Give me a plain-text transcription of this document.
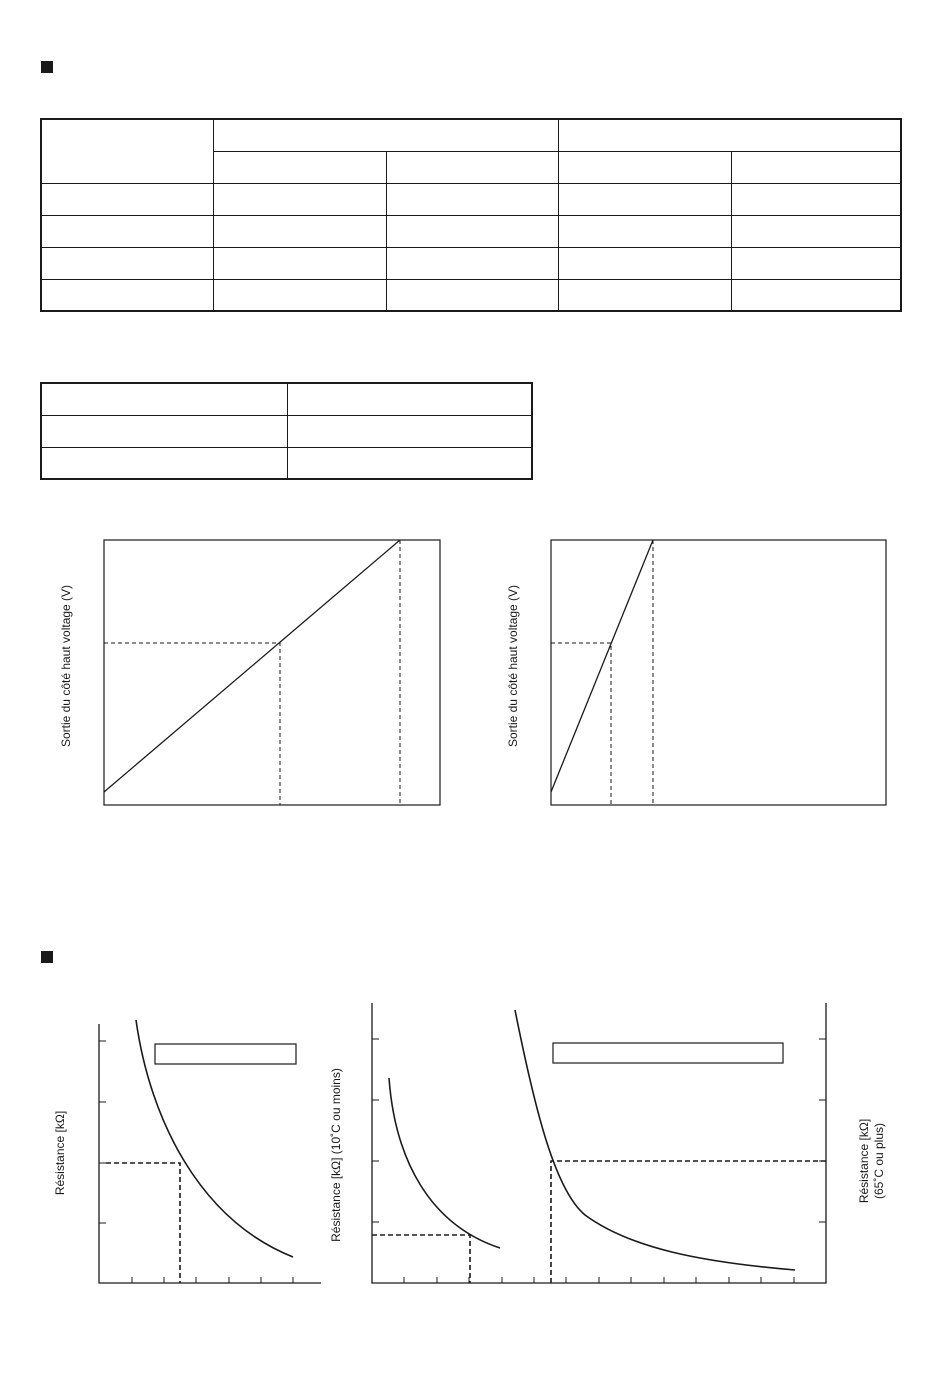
Sortie du côté haut voltage (V)	Sortie du côté haut voltage (V)
Résistance [kΩ]	Résistance [kΩ] (10˚C ou moins)	Résistance [kΩ] (65˚C ou plus)
